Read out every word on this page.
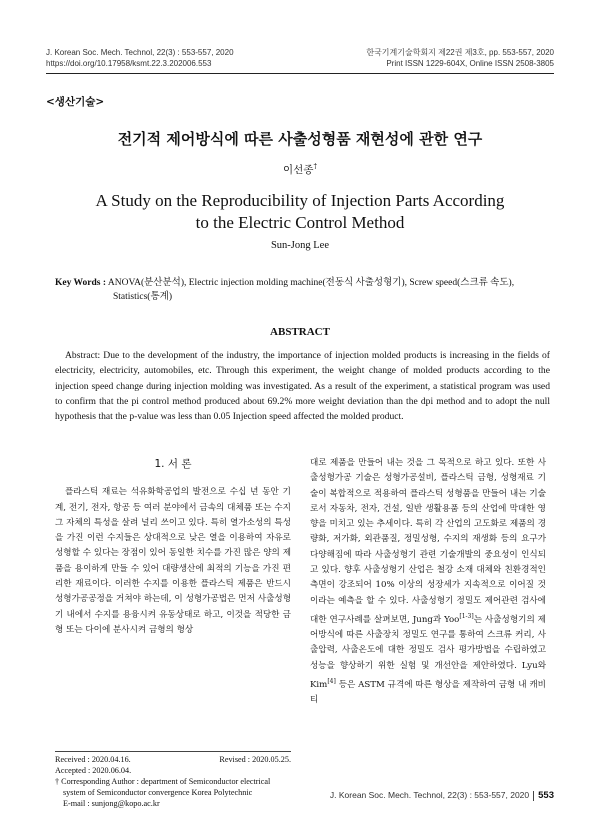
J. Korean Soc. Mech. Technol, 22(3) : 553-557, 2020
https://doi.org/10.17958/ksmt.22.3.202006.553
한국기계기술학회지 제22권 제3호, pp. 553-557, 2020
Print ISSN 1229-604X, Online ISSN 2508-3805
<생산기술>
전기적 제어방식에 따른 사출성형품 재현성에 관한 연구
이선종†
A Study on the Reproducibility of Injection Parts According
to the Electric Control Method
Sun-Jong Lee
Key Words : ANOVA(분산분석), Electric injection molding machine(전동식 사출성형기), Screw speed(스크류 속도),
Statistics(통계)
ABSTRACT

Abstract: Due to the development of the industry, the importance of injection molded products is increasing in the fields of electricity, electricity, automobiles, etc. Through this experiment, the weight change of molded products according to the injection speed change during injection molding was investigated. As a result of the experiment, a statistical program was used to confirm that the pi control method produced about 69.2% more weight deviation than the dpi method and to adopt the null hypothesis that the p-value was less than 0.05 Injection speed affected the molded product.

1. 서 론

플라스틱 재료는 석유화학공업의 발전으로 수십 년 동안 기계, 전기, 전자, 항공 등 여러 분야에서 금속의 대체품 또는 수지 그 자체의 특성을 살려 널리 쓰이고 있다. 특히 열가소성의 특성을 가진 이런 수지들은 상대적으로 낮은 열을 이용하여 자유로 성형할 수 있다는 장점이 있어 동일한 치수를 가진 많은 양의 제품을 용이하게 만들 수 있어 대량생산에 최적의 기능을 가진 편리한 재료이다. 이러한 수지를 이용한 플라스틱 제품은 반드시 성형가공공정을 거쳐야 하는데, 이 성형가공법은 먼저 사출성형기 내에서 수지를 용융시켜 유동상태로 하고, 이것을 적당한 금형 또는 다이에 분사시켜 금형의 형상

대로 제품을 만들어 내는 것을 그 목적으로 하고 있다. 또한 사출성형가공 기술은 성형가공설비, 플라스틱 금형, 성형재료 기술이 복합적으로 적용하여 플라스틱 성형품을 만들어 내는 기술로서 자동차, 전자, 건설, 일반 생활용품 등의 산업에 막대한 영향을 미치고 있는 추세이다. 특히 각 산업의 고도화로 제품의 경량화, 저가화, 외관품질, 정밀성형, 수지의 재생화 등의 요구가 다양해짐에 따라 사출성형기 관련 기술개발의 중요성이 인식되고 있다. 향후 사출성형기 산업은 철강 소재 대체와 친환경적인 측면이 강조되어 10% 이상의 성장세가 지속적으로 이어질 것이라는 예측을 할 수 있다. 사출성형기 정밀도 제어관련 검사에 대한 연구사례를 살펴보면, Jung과 Yoo[1-3]는 사출성형기의 제어방식에 따른 사출장치 정밀도 연구를 통하여 스크류 커리, 사출압력, 사출온도에 대한 정밀도 검사 평가방법을 수립하였고 성능을 향상하기 위한 실험 및 개선안을 제안하였다. Lyu와 Kim[4] 등은 ASTM 규격에 따른 형상을 제작하여 금형 내 캐비티

Received : 2020.04.16.	Revised : 2020.05.25.
Accepted : 2020.06.04.
† Corresponding Author : department of Semiconductor electrical system of Semiconductor convergence Korea Polytechnic
E-mail : sunjong@kopo.ac.kr
J. Korean Soc. Mech. Technol, 22(3) : 553-557, 2020 553
